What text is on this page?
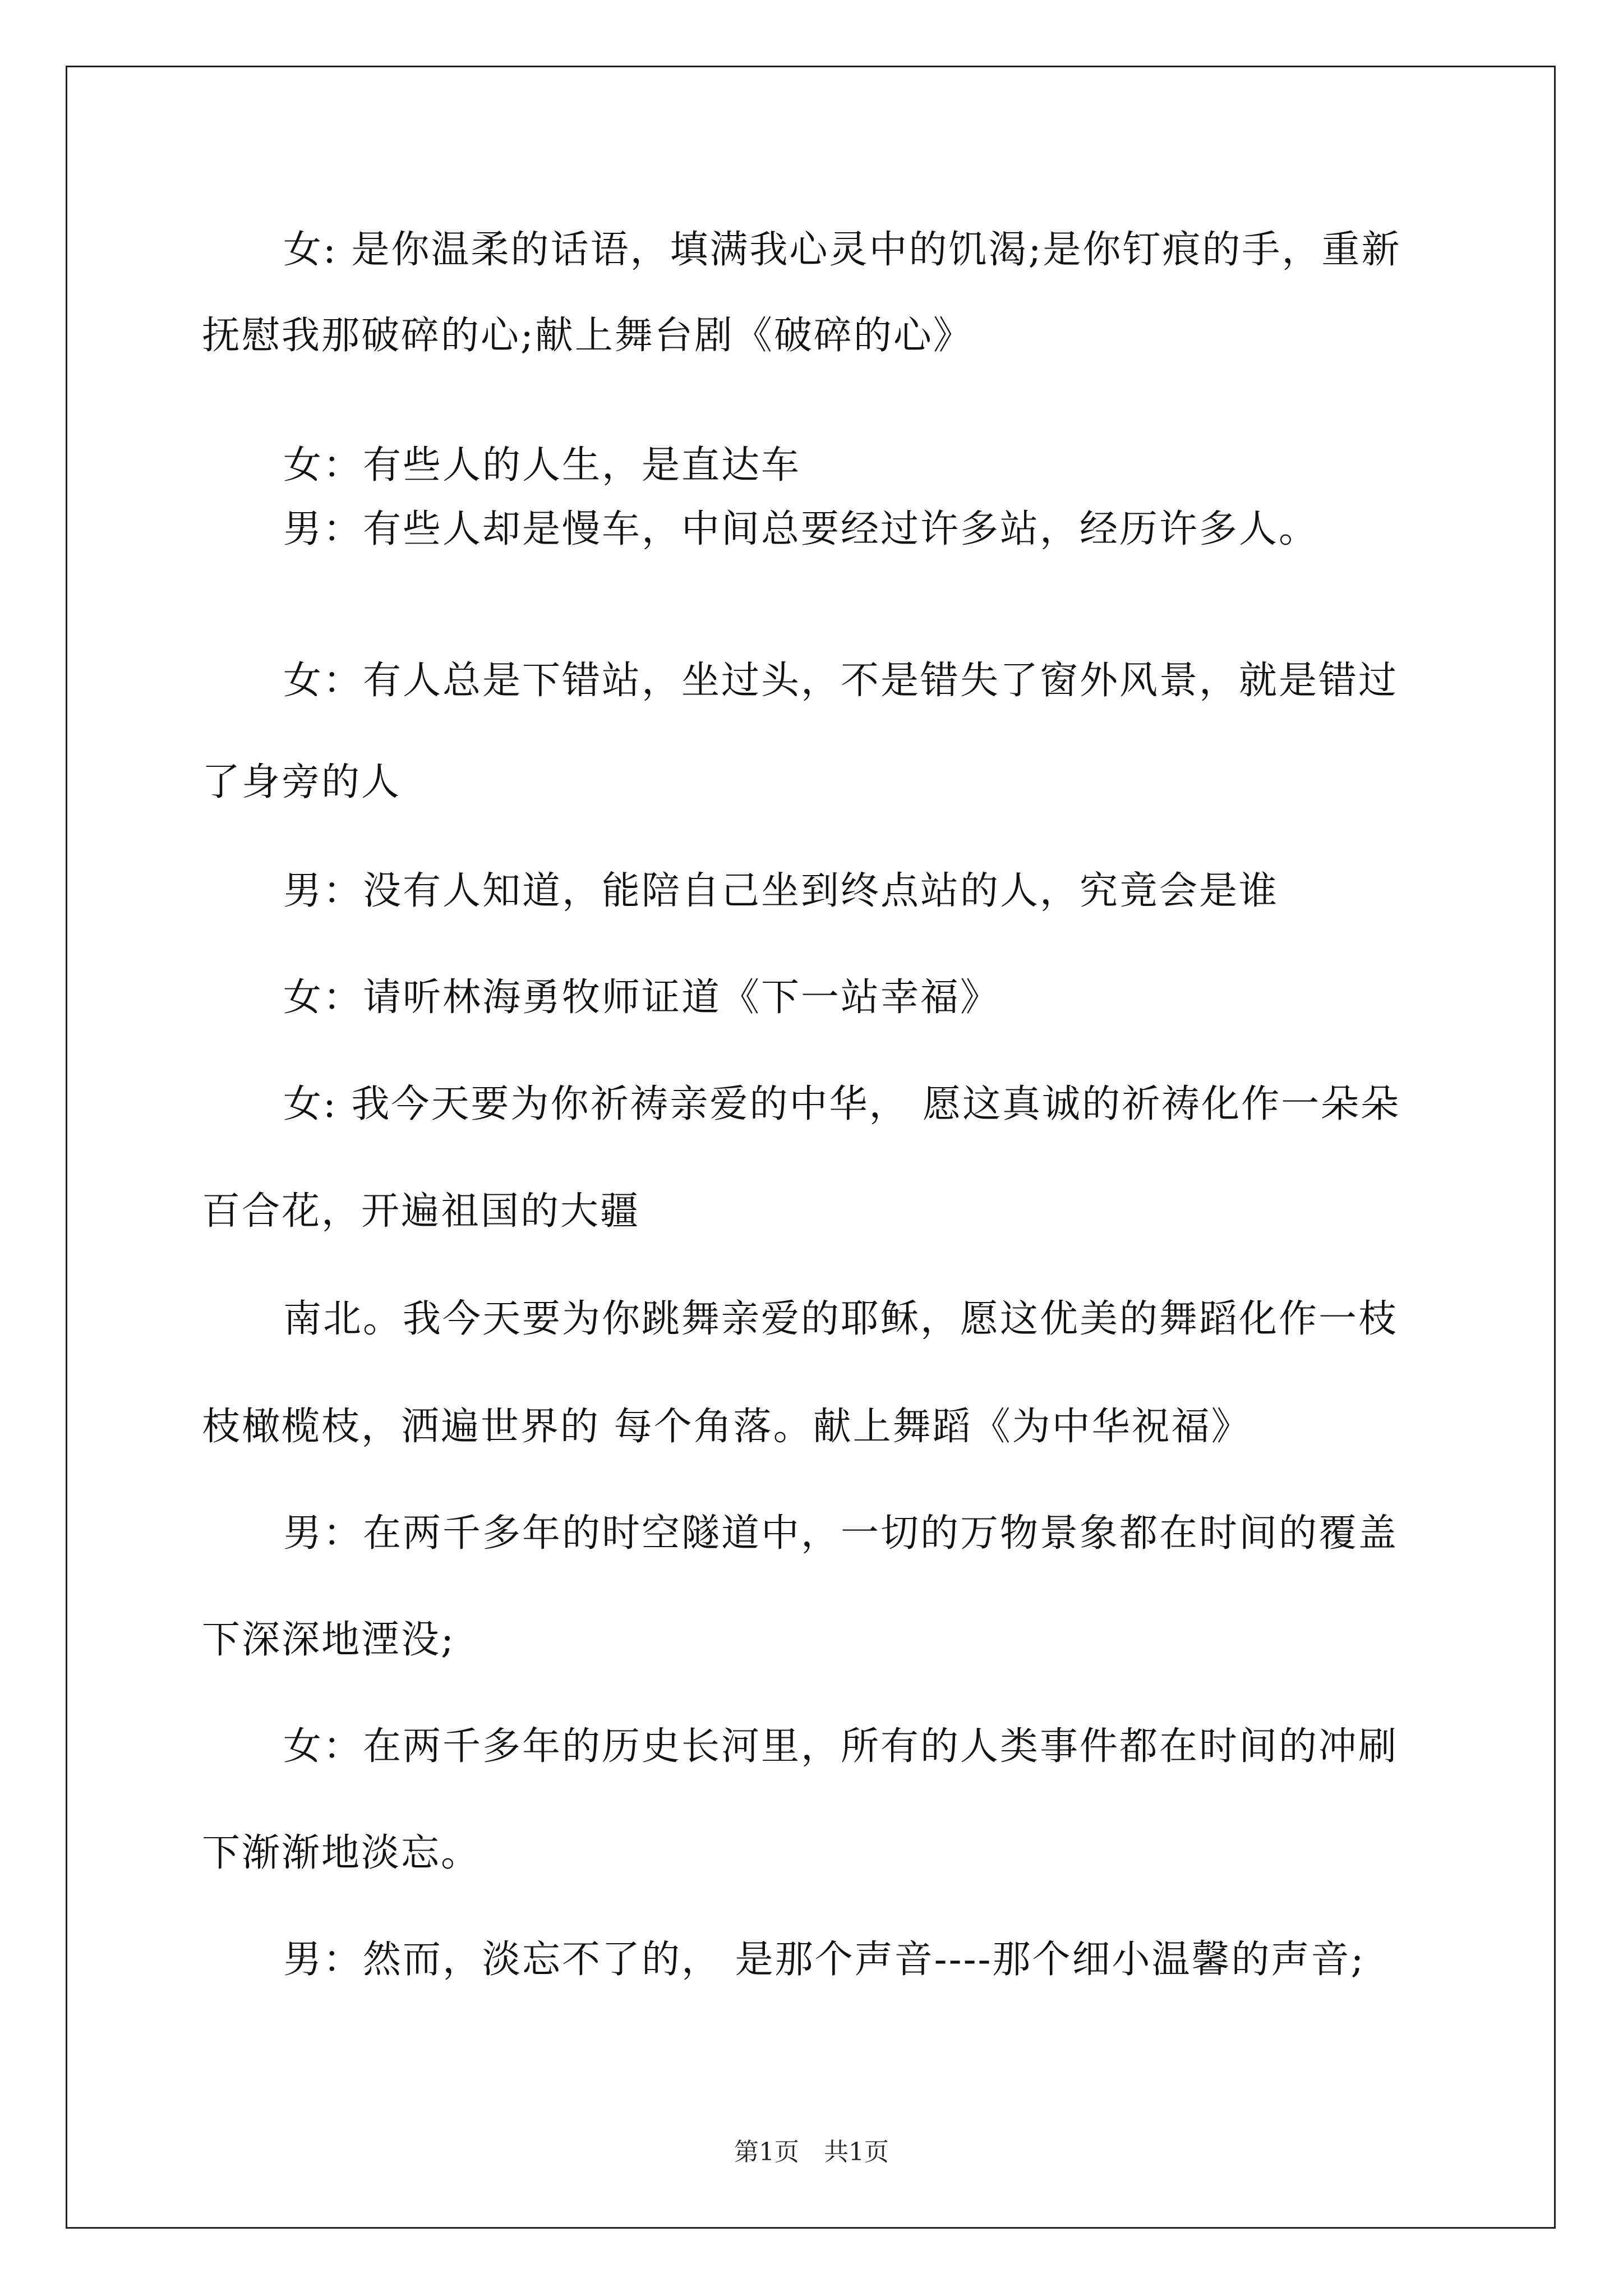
女: 是你温柔的话语，填满我心灵中的饥渴;是你钉痕的手，重新
抚慰我那破碎的心;献上舞台剧《破碎的心》
女：有些人的人生，是直达车
男：有些人却是慢车，中间总要经过许多站，经历许多人。
女：有人总是下错站，坐过头，不是错失了窗外风景，就是错过
了身旁的人
男：没有人知道，能陪自己坐到终点站的人，究竟会是谁
女：请听林海勇牧师证道《下一站幸福》
女: 我今天要为你祈祷亲爱的中华， 愿这真诚的祈祷化作一朵朵
百合花，开遍祖国的大疆
南北。我今天要为你跳舞亲爱的耶稣，愿这优美的舞蹈化作一枝
枝橄榄枝，洒遍世界的 每个角落。献上舞蹈《为中华祝福》
男：在两千多年的时空隧道中，一切的万物景象都在时间的覆盖
下深深地湮没;
女：在两千多年的历史长河里，所有的人类事件都在时间的冲刷
下渐渐地淡忘。
男：然而，淡忘不了的， 是那个声音----那个细小温馨的声音;
第1页　共1页
